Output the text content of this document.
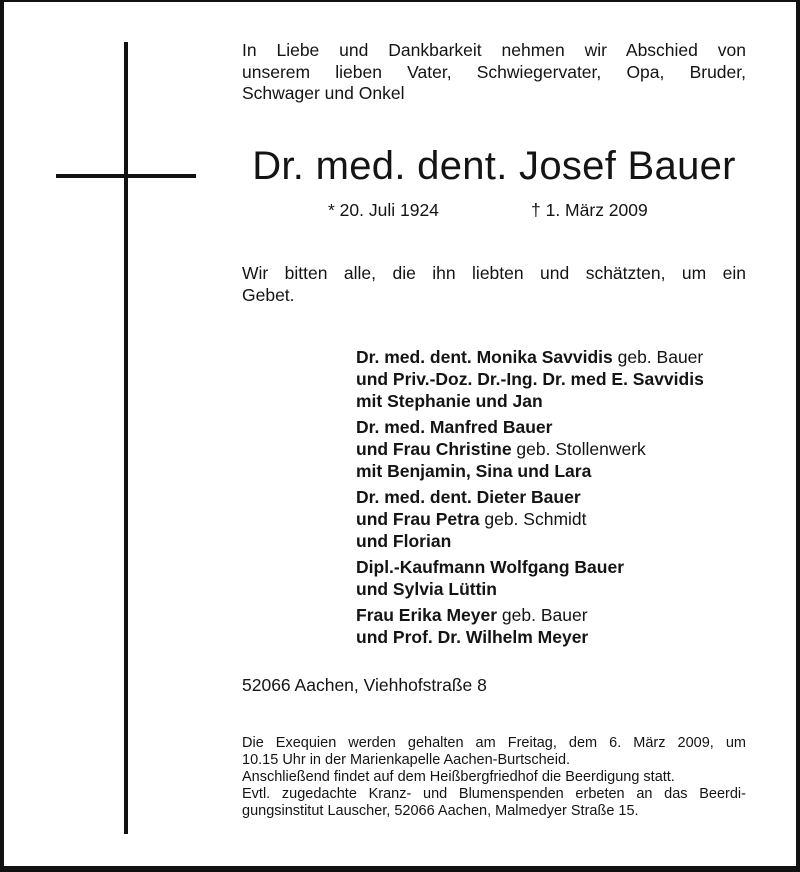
In Liebe und Dankbarkeit nehmen wir Abschied von
unserem lieben Vater, Schwiegervater, Opa, Bruder,
Schwager und Onkel
Dr. med. dent. Josef Bauer
* 20. Juli 1924	† 1. März 2009
Wir bitten alle, die ihn liebten und schätzten, um ein
Gebet.
Dr. med. dent. Monika Savvidis geb. Bauer
und Priv.-Doz. Dr.-Ing. Dr. med E. Savvidis
mit Stephanie und Jan
Dr. med. Manfred Bauer
und Frau Christine geb. Stollenwerk
mit Benjamin, Sina und Lara
Dr. med. dent. Dieter Bauer
und Frau Petra geb. Schmidt
und Florian
Dipl.-Kaufmann Wolfgang Bauer
und Sylvia Lüttin
Frau Erika Meyer geb. Bauer
und Prof. Dr. Wilhelm Meyer
52066 Aachen, Viehhofstraße 8

Die Exequien werden gehalten am Freitag, dem 6. März 2009, um
10.15 Uhr in der Marienkapelle Aachen-Burtscheid.

Anschließend findet auf dem Heißbergfriedhof die Beerdigung statt.

Evtl. zugedachte Kranz- und Blumenspenden erbeten an das Beerdi-
gungsinstitut Lauscher, 52066 Aachen, Malmedyer Straße 15.
